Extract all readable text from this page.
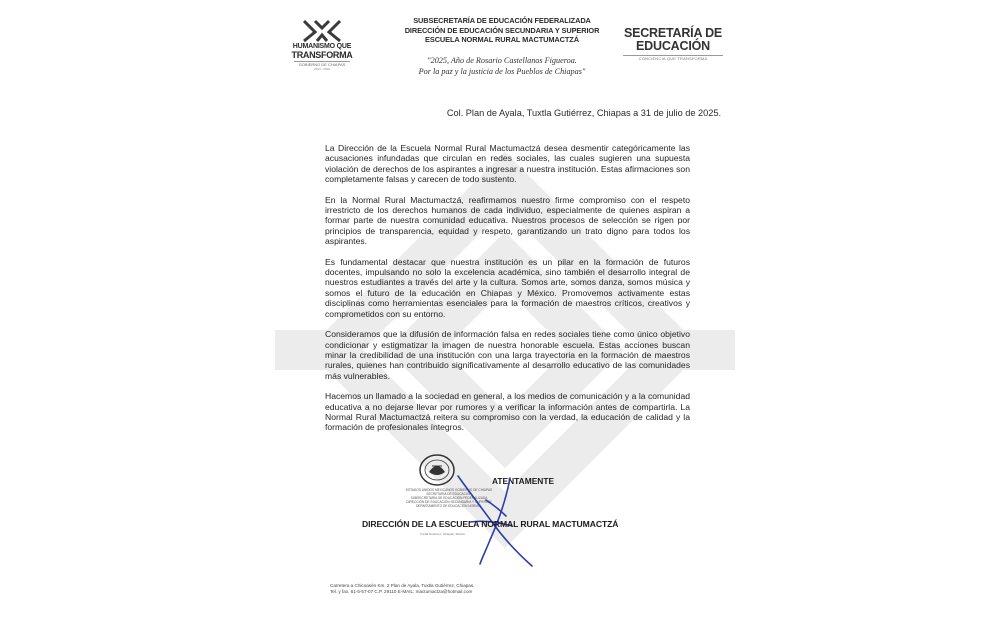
HUMANISMO QUE
TRANSFORMA
GOBIERNO DE CHIAPAS
2024 - 2030
SUBSECRETARÍA DE EDUCACIÓN FEDERALIZADA
DIRECCIÓN DE EDUCACIÓN SECUNDARIA Y SUPERIOR
ESCUELA NORMAL RURAL MACTUMACTZÁ
"2025, Año de Rosario Castellanos Figueroa.
Por la paz y la justicia de los Pueblos de Chiapas"
SECRETARÍA DE
EDUCACIÓN
CONCIENCIA QUE TRANSFORMA
Col. Plan de Ayala, Tuxtla Gutiérrez, Chiapas a 31 de julio de 2025.

La Dirección de la Escuela Normal Rural Mactumactzá desea desmentir categóricamente las acusaciones infundadas que circulan en redes sociales, las cuales sugieren una supuesta violación de derechos de los aspirantes a ingresar a nuestra institución. Estas afirmaciones son completamente falsas y carecen de todo sustento.

En la Normal Rural Mactumactzá, reafirmamos nuestro firme compromiso con el respeto irrestricto de los derechos humanos de cada individuo, especialmente de quienes aspiran a formar parte de nuestra comunidad educativa. Nuestros procesos de selección se rigen por principios de transparencia, equidad y respeto, garantizando un trato digno para todos los aspirantes.

Es fundamental destacar que nuestra institución es un pilar en la formación de futuros docentes, impulsando no solo la excelencia académica, sino también el desarrollo integral de nuestros estudiantes a través del arte y la cultura. Somos arte, somos danza, somos música y somos el futuro de la educación en Chiapas y México. Promovemos activamente estas disciplinas como herramientas esenciales para la formación de maestros críticos, creativos y comprometidos con su entorno.

Consideramos que la difusión de información falsa en redes sociales tiene como único objetivo condicionar y estigmatizar la imagen de nuestra honorable escuela. Estas acciones buscan minar la credibilidad de una institución con una larga trayectoria en la formación de maestros rurales, quienes han contribuido significativamente al desarrollo educativo de las comunidades más vulnerables.

Hacemos un llamado a la sociedad en general, a los medios de comunicación y a la comunidad educativa a no dejarse llevar por rumores y a verificar la información antes de compartirla. La Normal Rural Mactumactzá reitera su compromiso con la verdad, la educación de calidad y la formación de profesionales íntegros.

ESTADOS UNIDOS MEXICANOS GOBIERNO DE CHIAPAS
SECRETARÍA DE EDUCACIÓN
SUBSECRETARÍA DE EDUCACIÓN FEDERALIZADA
DIRECCIÓN DE EDUCACIÓN SECUNDARIA Y SUPERIOR
DEPARTAMENTO DE EDUCACIÓN NORMAL
ATENTAMENTE
DIRECCIÓN DE LA ESCUELA NORMAL RURAL MACTUMACTZÁ
Tuxtla Gutiérrez, Chiapas, México
Carretera a Chicoasén Km. 2 Plan de Ayala, Tuxtla Gutiérrez, Chiapas.
Tel. y fax. 61-5-57-07 C.P. 29110 E-MAIL: mactumactza@hotmail.com
